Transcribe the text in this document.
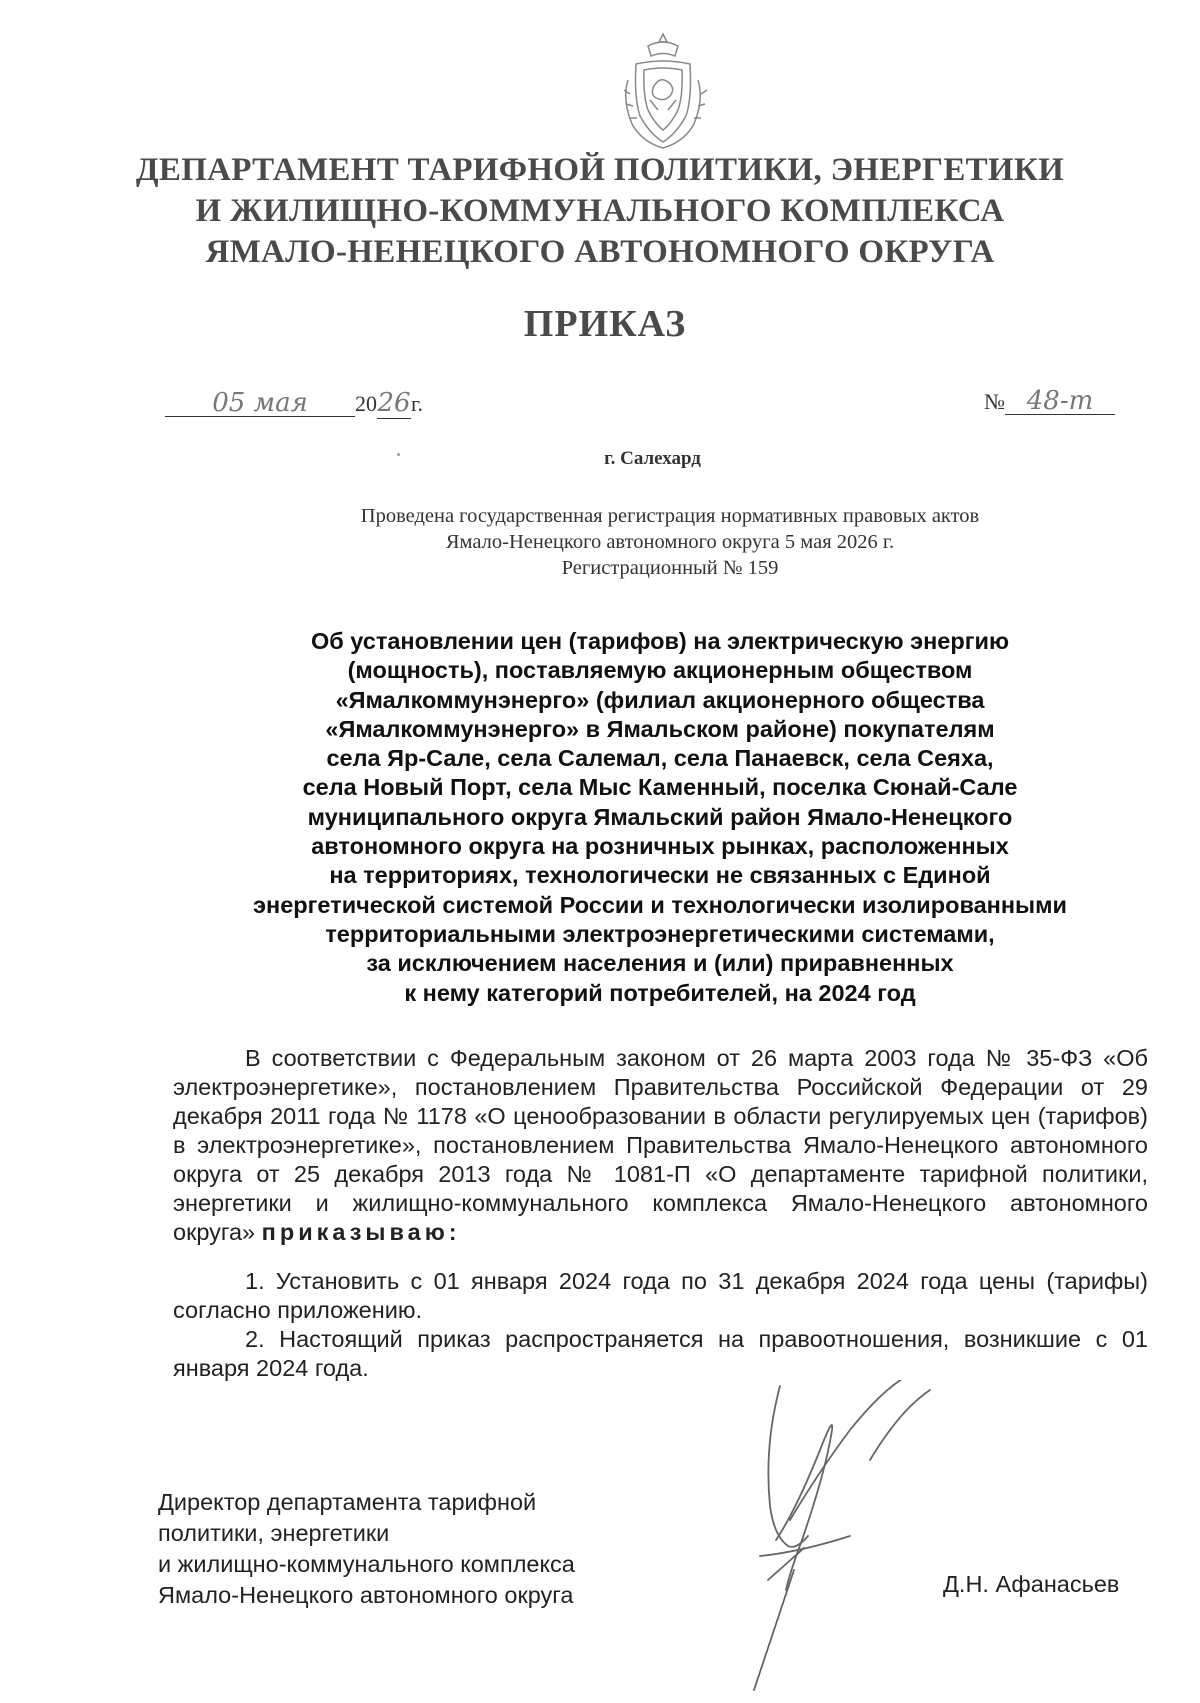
ДЕПАРТАМЕНТ ТАРИФНОЙ ПОЛИТИКИ, ЭНЕРГЕТИКИ
И ЖИЛИЩНО-КОММУНАЛЬНОГО КОМПЛЕКСА
ЯМАЛО-НЕНЕЦКОГО АВТОНОМНОГО ОКРУГА
ПРИКАЗ
05 мая 2026г.	№ 48-т
г. Салехард
Проведена государственная регистрация нормативных правовых актов
Ямало-Ненецкого автономного округа 5 мая 2026 г.
Регистрационный № 159
Об установлении цен (тарифов) на электрическую энергию
(мощность), поставляемую акционерным обществом
«Ямалкоммунэнерго» (филиал акционерного общества
«Ямалкоммунэнерго» в Ямальском районе) покупателям
села Яр-Сале, села Салемал, села Панаевск, села Сеяха,
села Новый Порт, села Мыс Каменный, поселка Сюнай-Сале
муниципального округа Ямальский район Ямало-Ненецкого
автономного округа на розничных рынках, расположенных
на территориях, технологически не связанных с Единой
энергетической системой России и технологически изолированными
территориальными электроэнергетическими системами,
за исключением населения и (или) приравненных
к нему категорий потребителей, на 2024 год

В соответствии с Федеральным законом от 26 марта 2003 года № 35-ФЗ «Об электроэнергетике», постановлением Правительства Российской Федерации от 29 декабря 2011 года № 1178 «О ценообразовании в области регулируемых цен (тарифов) в электроэнергетике», постановлением Правительства Ямало-Ненецкого автономного округа от 25 декабря 2013 года № 1081-П «О департаменте тарифной политики, энергетики и жилищно-коммунального комплекса Ямало-Ненецкого автономного округа» приказываю:

1. Установить с 01 января 2024 года по 31 декабря 2024 года цены (тарифы) согласно приложению.

2. Настоящий приказ распространяется на правоотношения, возникшие с 01 января 2024 года.

Директор департамента тарифной
политики, энергетики
и жилищно-коммунального комплекса
Ямало-Ненецкого автономного округа	Д.Н. Афанасьев
